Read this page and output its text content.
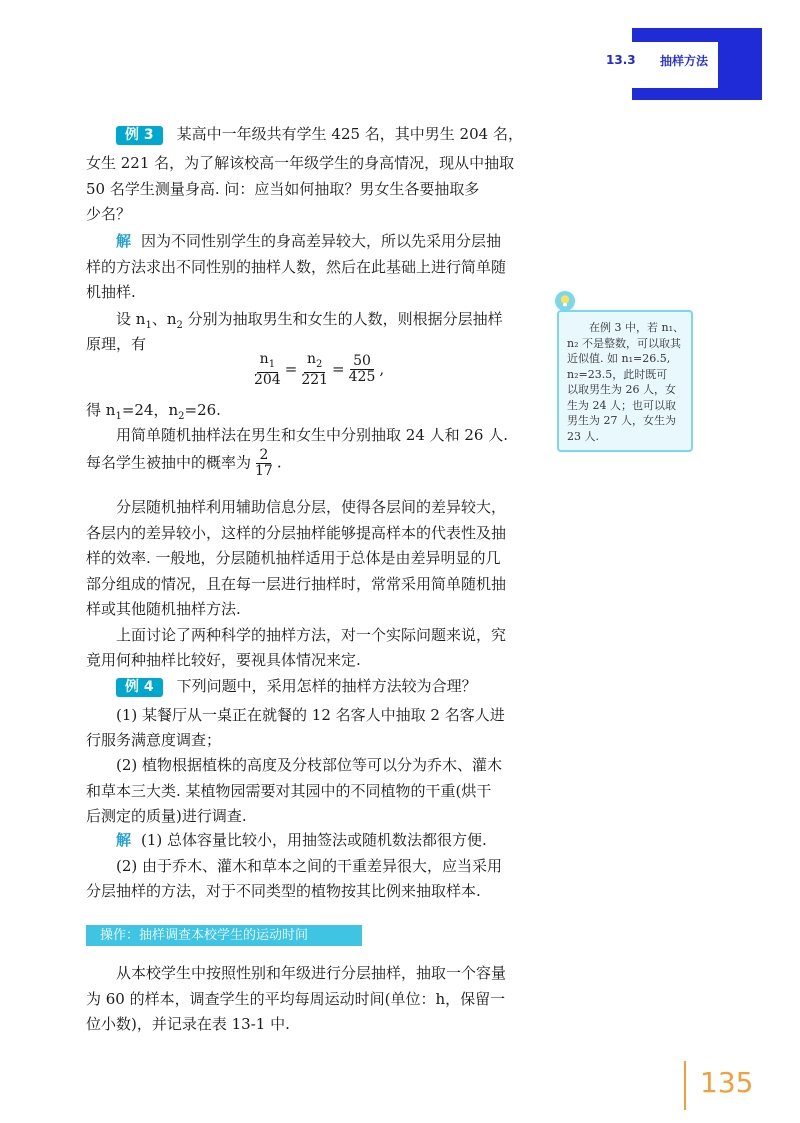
13.3 抽样方法
例 3 某高中一年级共有学生 425 名，其中男生 204 名，
女生 221 名，为了解该校高一年级学生的身高情况，现从中抽取
50 名学生测量身高. 问：应当如何抽取？男女生各要抽取多
少名？
解 因为不同性别学生的身高差异较大，所以先采用分层抽
样的方法求出不同性别的抽样人数，然后在此基础上进行简单随
机抽样.
设 $n_1$、$n_2$ 分别为抽取男生和女生的人数，则根据分层抽样
原理，有
$\frac{n_1}{204} = \frac{n_2}{221} = \frac{50}{425}$ ,
得 $n_1=24$，$n_2=26$.
用简单随机抽样法在男生和女生中分别抽取 24 人和 26 人.
每名学生被抽中的概率为 $\frac{2}{17}$ .
在例 3 中，若 n₁、
n₂ 不是整数，可以取其
近似值. 如 n₁=26.5,
n₂=23.5，此时既可
以取男生为 26 人，女
生为 24 人；也可以取
男生为 27 人，女生为
23 人.
分层随机抽样利用辅助信息分层，使得各层间的差异较大，
各层内的差异较小，这样的分层抽样能够提高样本的代表性及抽
样的效率. 一般地，分层随机抽样适用于总体是由差异明显的几
部分组成的情况，且在每一层进行抽样时，常常采用简单随机抽
样或其他随机抽样方法.
上面讨论了两种科学的抽样方法，对一个实际问题来说，究
竟用何种抽样比较好，要视具体情况来定.
例 4 下列问题中，采用怎样的抽样方法较为合理？
(1) 某餐厅从一桌正在就餐的 12 名客人中抽取 2 名客人进
行服务满意度调查；
(2) 植物根据植株的高度及分枝部位等可以分为乔木、灌木
和草本三大类. 某植物园需要对其园中的不同植物的干重(烘干
后测定的质量)进行调查.
解 (1) 总体容量比较小，用抽签法或随机数法都很方便.
(2) 由于乔木、灌木和草本之间的干重差异很大，应当采用
分层抽样的方法，对于不同类型的植物按其比例来抽取样本.
操作：抽样调查本校学生的运动时间
从本校学生中按照性别和年级进行分层抽样，抽取一个容量
为 60 的样本，调查学生的平均每周运动时间(单位：h，保留一
位小数)，并记录在表 13-1 中.
135
